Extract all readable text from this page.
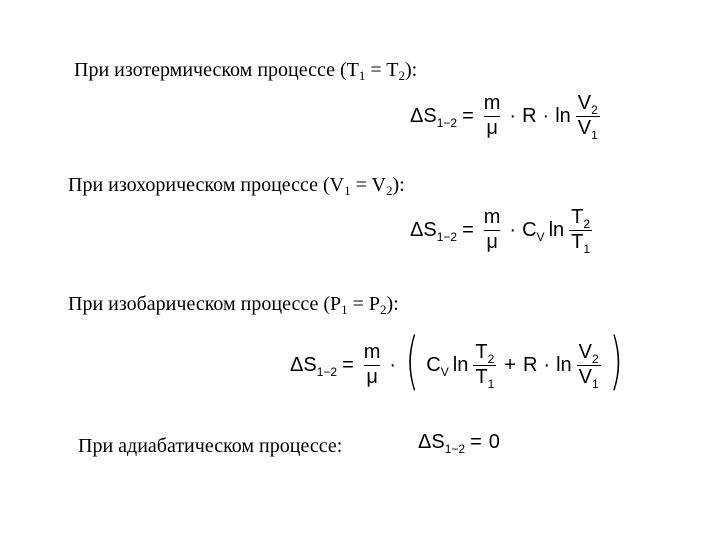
При изотермическом процессе $(T_1 = T_2)$:
$\Delta S_{1-2} = \frac{m}{\mu} \cdot R \cdot \ln \frac{V_2}{V_1}$
При изохорическом процессе $(V_1 = V_2)$:
$\Delta S_{1-2} = \frac{m}{\mu} \cdot C_V$ $\ln \frac{T_2}{T_1}$
При изобарическом процессе $(P_1 = P_2)$:
$\Delta S_{1-2} = \frac{m}{\mu}$ · ( $C_V$ $\ln \frac{T_2}{T_1} + R \cdot \ln \frac{V_2}{V_1}$ )
При адиабатическом процессе:	$\Delta S_{1-2} = 0$
